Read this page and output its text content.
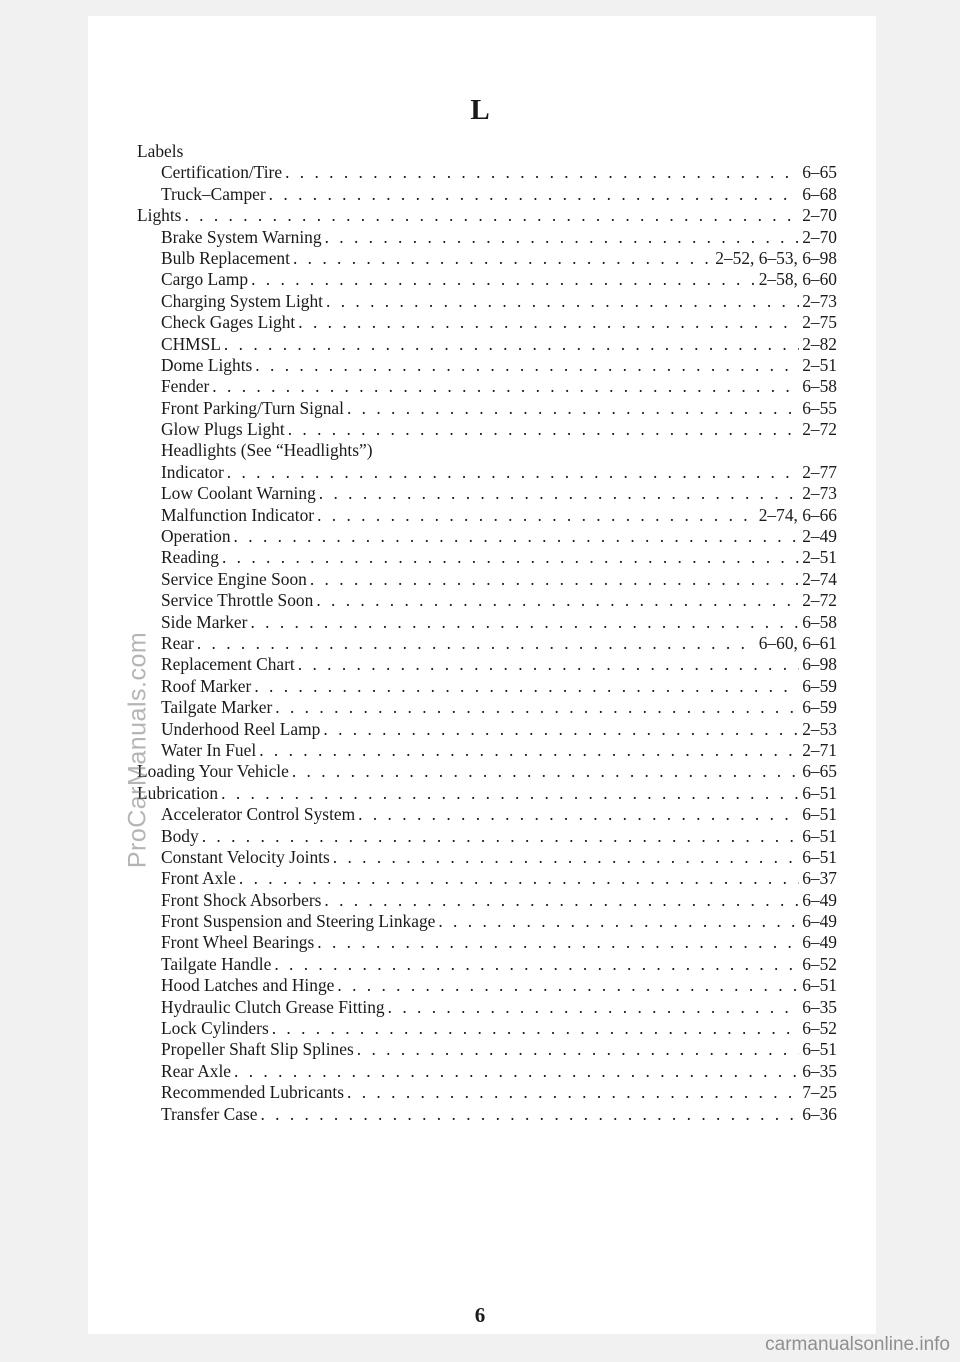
L
Labels
Certification/Tire . . .	6–65
Truck–Camper . . .	6–68
Lights . . .	2–70
Brake System Warning . . .	2–70
Bulb Replacement . . .	2–52, 6–53, 6–98
Cargo Lamp . . .	2–58, 6–60
Charging System Light . . .	2–73
Check Gages Light . . .	2–75
CHMSL . . .	2–82
Dome Lights . . .	2–51
Fender . . .	6–58
Front Parking/Turn Signal . . .	6–55
Glow Plugs Light . . .	2–72
Headlights (See “Headlights”)
Indicator . . .	2–77
Low Coolant Warning . . .	2–73
Malfunction Indicator . . .	2–74, 6–66
Operation . . .	2–49
Reading . . .	2–51
Service Engine Soon . . .	2–74
Service Throttle Soon . . .	2–72
Side Marker . . .	6–58
Rear . . .	6–60, 6–61
Replacement Chart . . .	6–98
Roof Marker . . .	6–59
Tailgate Marker . . .	6–59
Underhood Reel Lamp . . .	2–53
Water In Fuel . . .	2–71
Loading Your Vehicle . . .	6–65
Lubrication . . .	6–51
Accelerator Control System . . .	6–51
Body . . .	6–51
Constant Velocity Joints . . .	6–51
Front Axle . . .	6–37
Front Shock Absorbers . . .	6–49
Front Suspension and Steering Linkage . . .	6–49
Front Wheel Bearings . . .	6–49
Tailgate Handle . . .	6–52
Hood Latches and Hinge . . .	6–51
Hydraulic Clutch Grease Fitting . . .	6–35
Lock Cylinders . . .	6–52
Propeller Shaft Slip Splines . . .	6–51
Rear Axle . . .	6–35
Recommended Lubricants . . .	7–25
Transfer Case . . .	6–36
6
ProCarManuals.com
carmanualsonline.info
